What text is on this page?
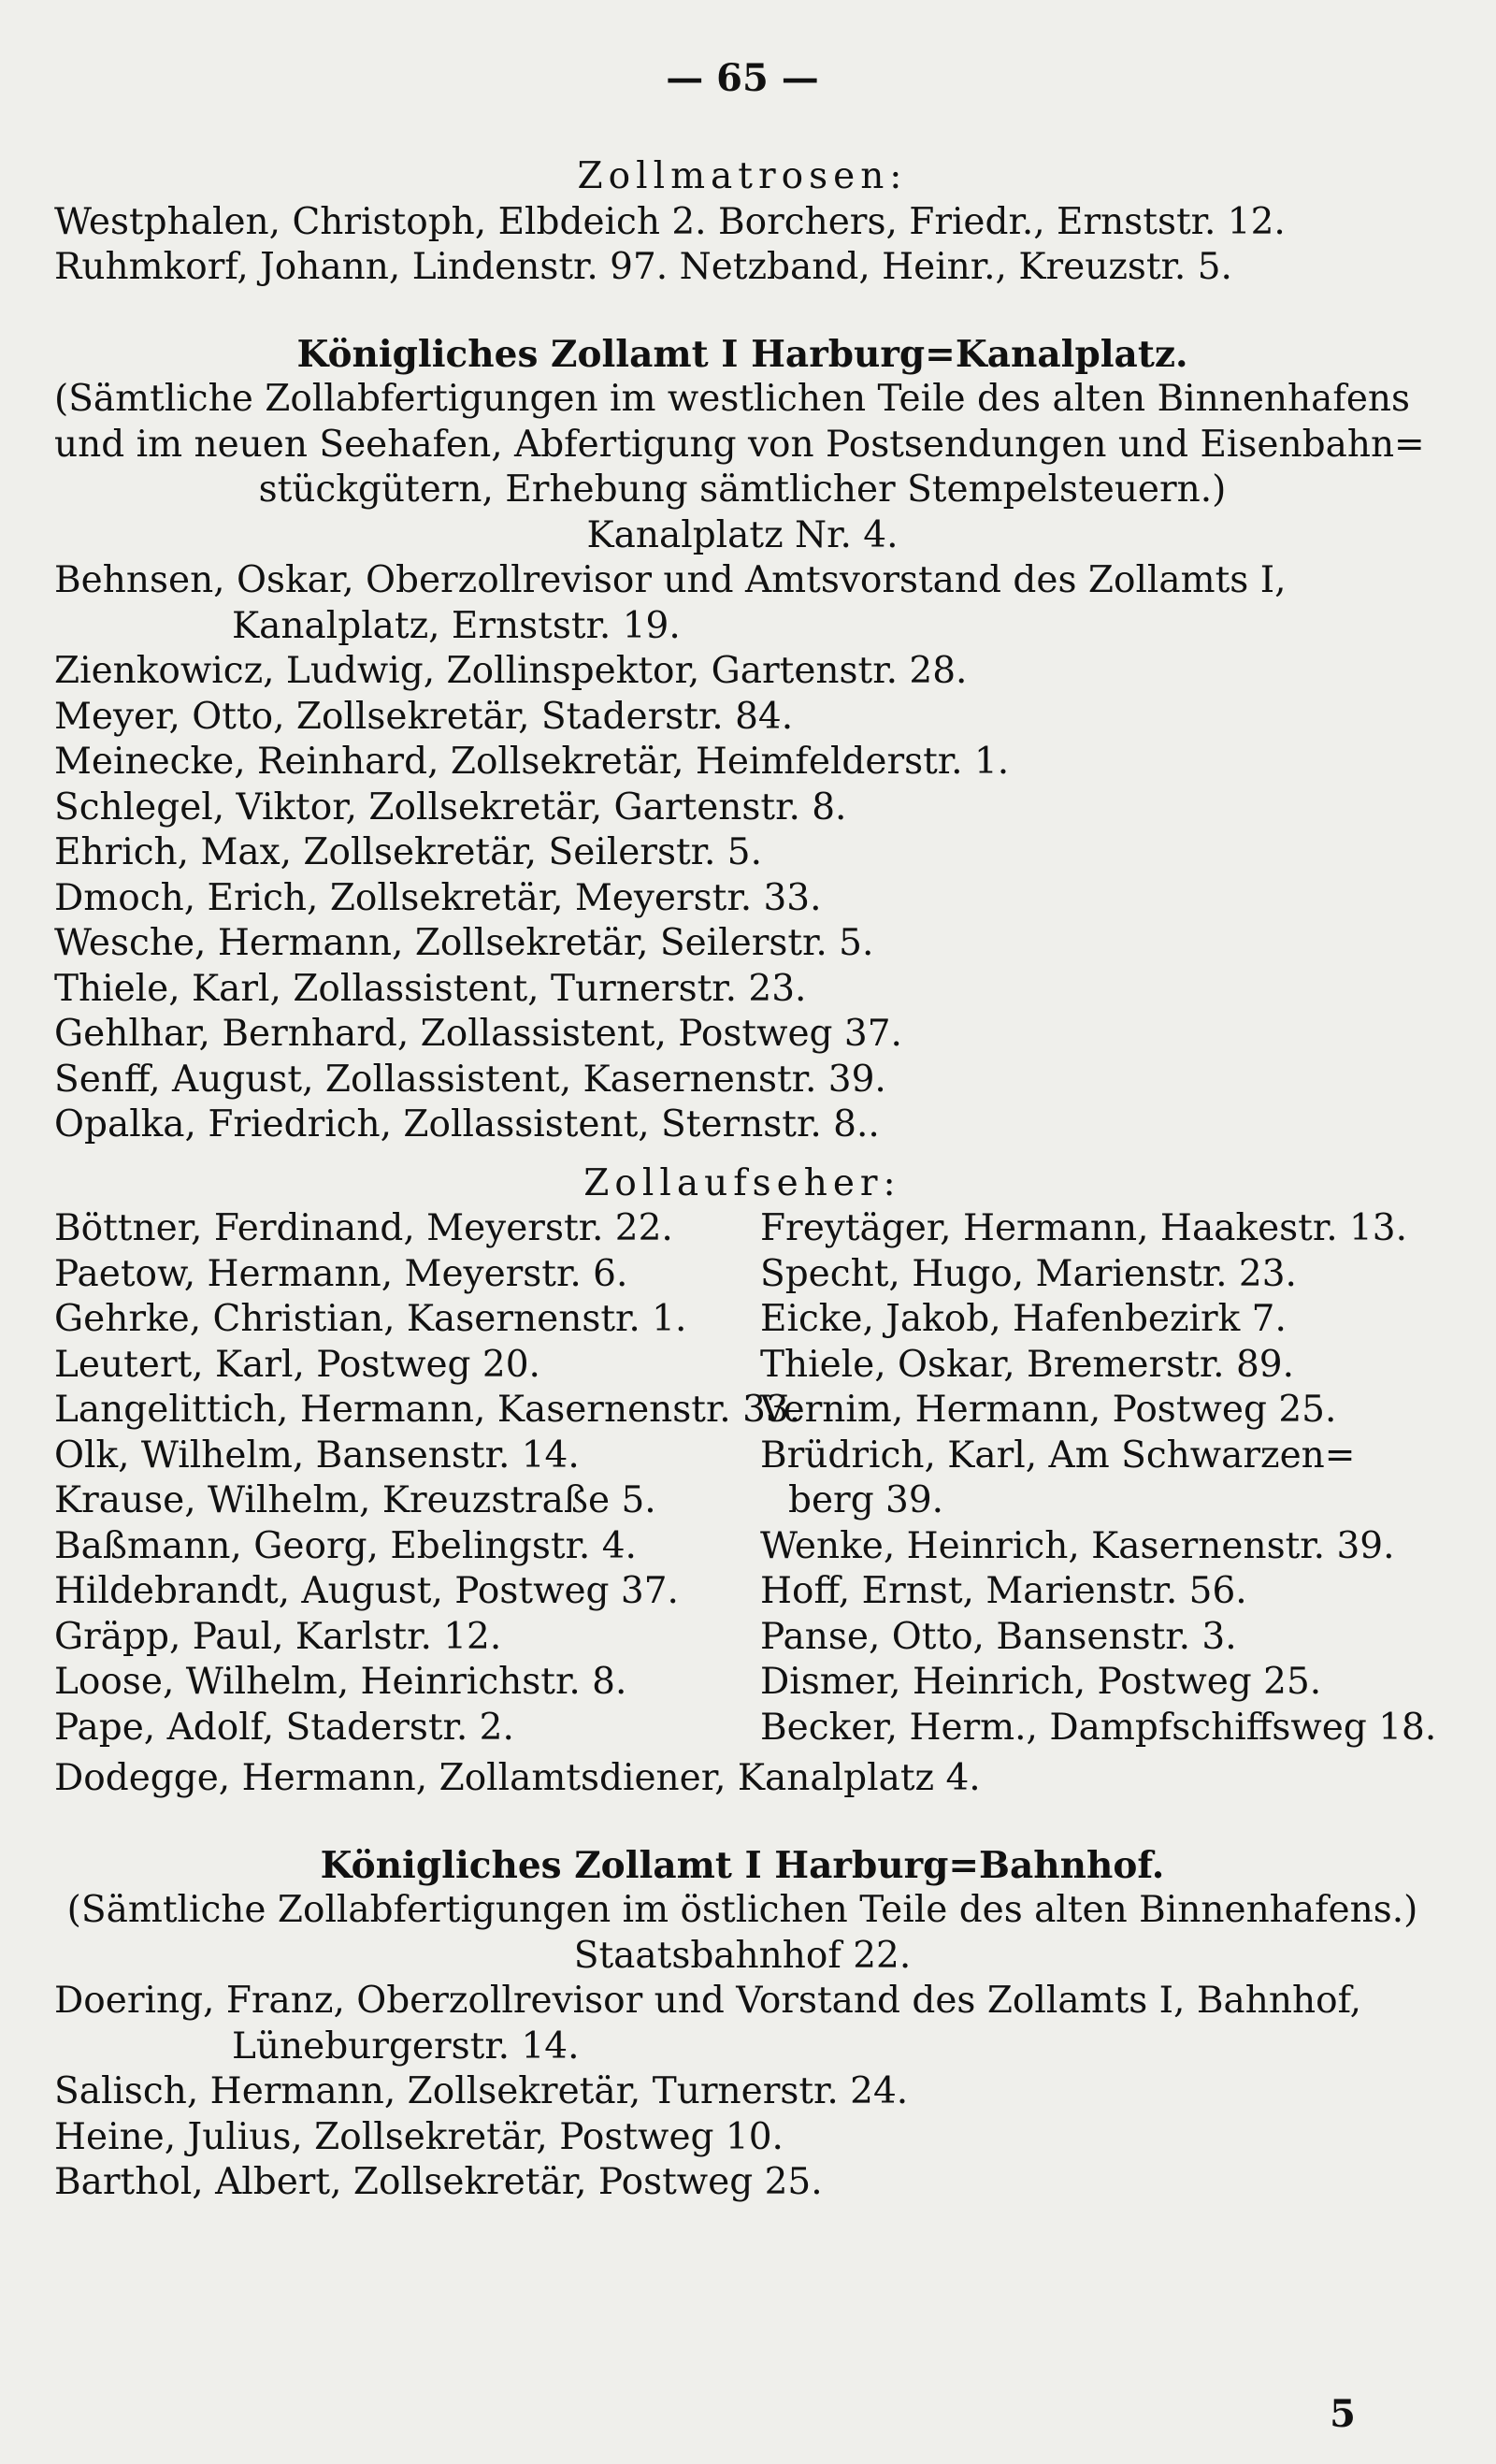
— 65 —
Zollmatrosen:
Westphalen, Christoph, Elbdeich 2. Borchers, Friedr., Ernststr. 12.
Ruhmkorf, Johann, Lindenstr. 97. Netzband, Heinr., Kreuzstr. 5.
Königliches Zollamt I Harburg=Kanalplatz.
(Sämtliche Zollabfertigungen im westlichen Teile des alten Binnenhafens
und im neuen Seehafen, Abfertigung von Postsendungen und Eisenbahn=
stückgütern, Erhebung sämtlicher Stempelsteuern.)
Kanalplatz Nr. 4.
Behnsen, Oskar, Oberzollrevisor und Amtsvorstand des Zollamts I,
Kanalplatz, Ernststr. 19.
Zienkowicz, Ludwig, Zollinspektor, Gartenstr. 28.
Meyer, Otto, Zollsekretär, Staderstr. 84.
Meinecke, Reinhard, Zollsekretär, Heimfelderstr. 1.
Schlegel, Viktor, Zollsekretär, Gartenstr. 8.
Ehrich, Max, Zollsekretär, Seilerstr. 5.
Dmoch, Erich, Zollsekretär, Meyerstr. 33.
Wesche, Hermann, Zollsekretär, Seilerstr. 5.
Thiele, Karl, Zollassistent, Turnerstr. 23.
Gehlhar, Bernhard, Zollassistent, Postweg 37.
Senff, August, Zollassistent, Kasernenstr. 39.
Opalka, Friedrich, Zollassistent, Sternstr. 8..
Zollaufseher:
Böttner, Ferdinand, Meyerstr. 22.
Paetow, Hermann, Meyerstr. 6.
Gehrke, Christian, Kasernenstr. 1.
Leutert, Karl, Postweg 20.
Langelittich, Hermann, Kasernenstr. 33.
Olk, Wilhelm, Bansenstr. 14.
Krause, Wilhelm, Kreuzstraße 5.
Baßmann, Georg, Ebelingstr. 4.
Hildebrandt, August, Postweg 37.
Gräpp, Paul, Karlstr. 12.
Loose, Wilhelm, Heinrichstr. 8.
Pape, Adolf, Staderstr. 2.
Freytäger, Hermann, Haakestr. 13.
Specht, Hugo, Marienstr. 23.
Eicke, Jakob, Hafenbezirk 7.
Thiele, Oskar, Bremerstr. 89.
Vernim, Hermann, Postweg 25.
Brüdrich, Karl, Am Schwarzen=
berg 39.
Wenke, Heinrich, Kasernenstr. 39.
Hoff, Ernst, Marienstr. 56.
Panse, Otto, Bansenstr. 3.
Dismer, Heinrich, Postweg 25.
Becker, Herm., Dampfschiffsweg 18.
Dodegge, Hermann, Zollamtsdiener, Kanalplatz 4.
Königliches Zollamt I Harburg=Bahnhof.
(Sämtliche Zollabfertigungen im östlichen Teile des alten Binnenhafens.)
Staatsbahnhof 22.
Doering, Franz, Oberzollrevisor und Vorstand des Zollamts I, Bahnhof,
Lüneburgerstr. 14.
Salisch, Hermann, Zollsekretär, Turnerstr. 24.
Heine, Julius, Zollsekretär, Postweg 10.
Barthol, Albert, Zollsekretär, Postweg 25.
5
